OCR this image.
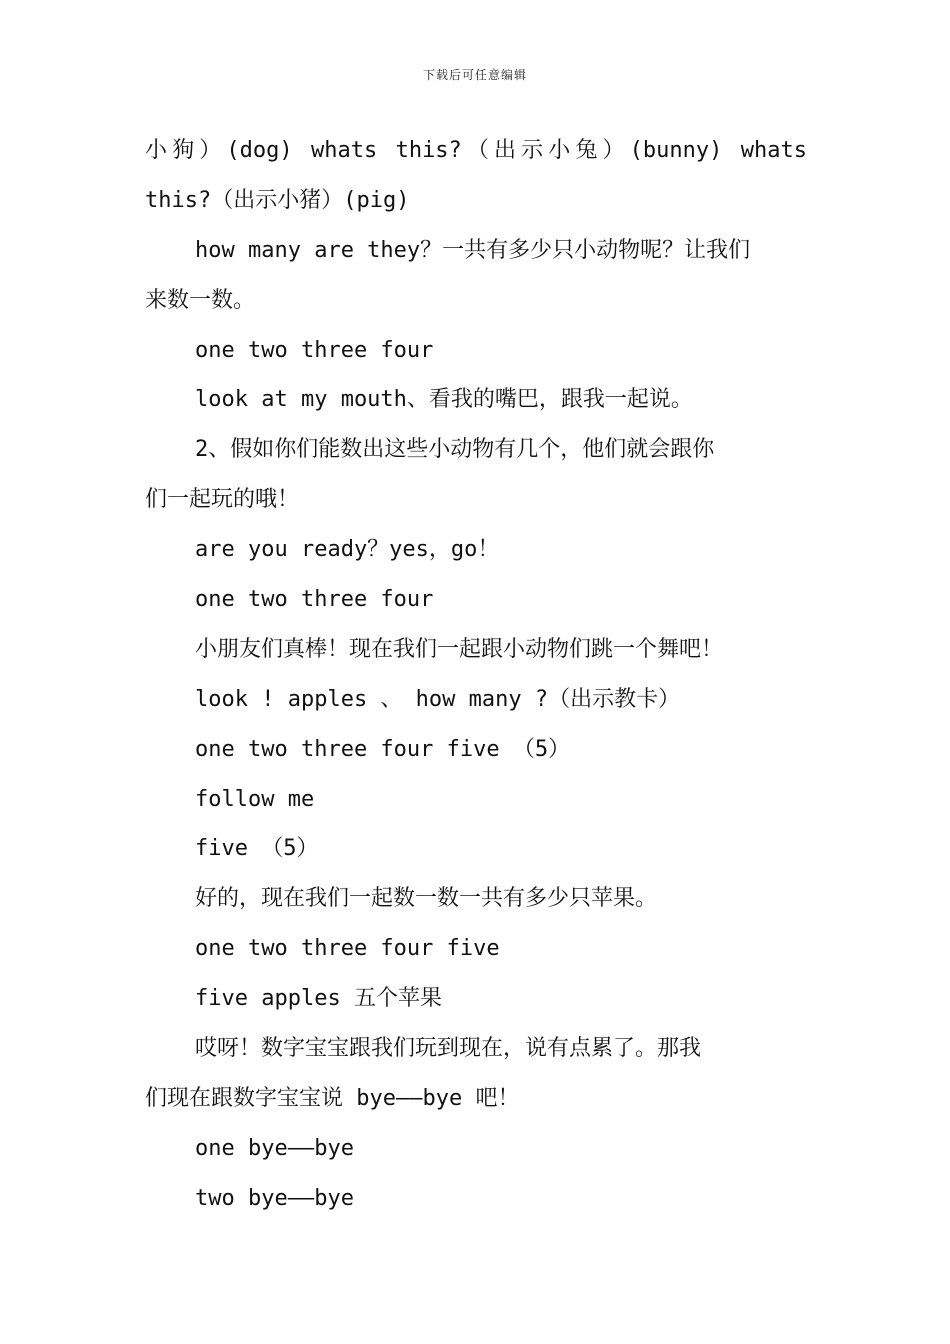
下载后可任意编辑
小狗）(dog) whats this?（出示小兔）(bunny) whats
this?（出示小猪）(pig)
how many are they？一共有多少只小动物呢？让我们
来数一数。
one two three four
look at my mouth、看我的嘴巴，跟我一起说。
2、假如你们能数出这些小动物有几个，他们就会跟你
们一起玩的哦！
are you ready？yes，go！
one two three four
小朋友们真棒！现在我们一起跟小动物们跳一个舞吧！
look ! apples 、 how many ?（出示教卡）
one two three four five （5）
follow me
five （5）
好的，现在我们一起数一数一共有多少只苹果。
one two three four five
five apples 五个苹果
哎呀！数字宝宝跟我们玩到现在，说有点累了。那我
们现在跟数字宝宝说 bye——bye 吧！
one bye——bye
two bye——bye
